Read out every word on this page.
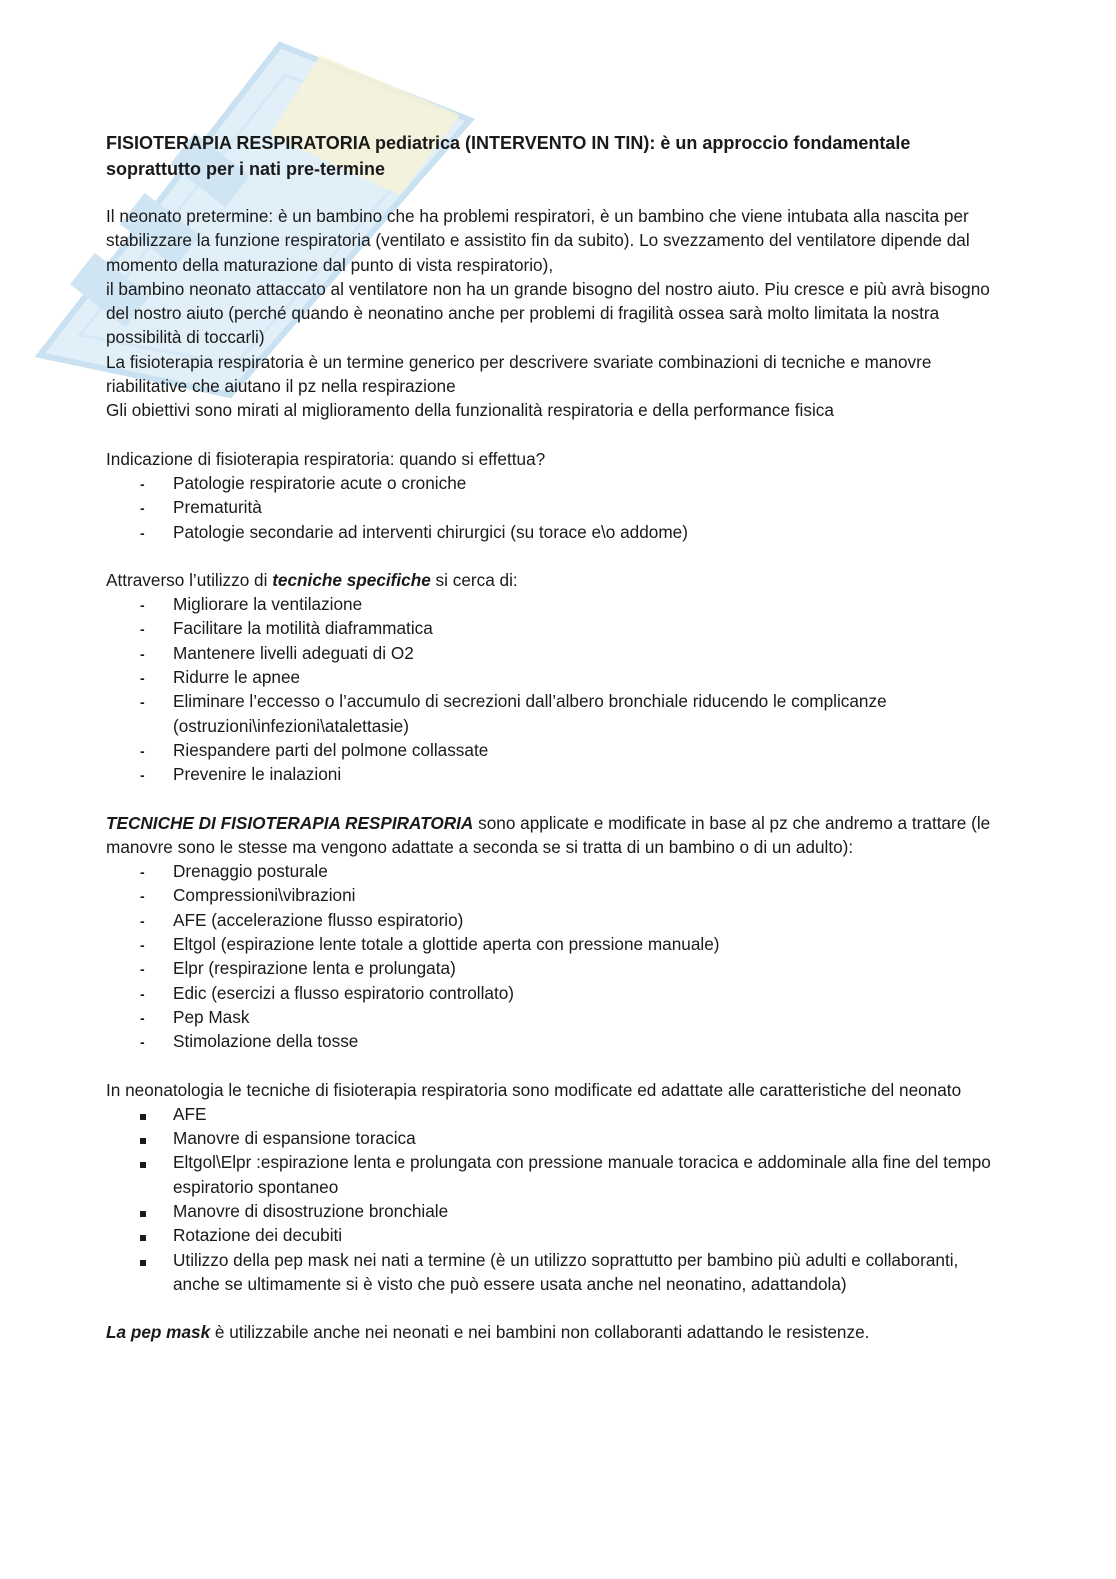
FISIOTERAPIA RESPIRATORIA pediatrica (INTERVENTO IN TIN): è un approccio fondamentale soprattutto per i nati pre-termine

Il neonato pretermine: è un bambino che ha problemi respiratori, è un bambino che viene intubata alla nascita per stabilizzare la funzione respiratoria (ventilato e assistito fin da subito). Lo svezzamento del ventilatore dipende dal momento della maturazione dal punto di vista respiratorio),

il bambino neonato attaccato al ventilatore non ha un grande bisogno del nostro aiuto. Piu cresce e più avrà bisogno del nostro aiuto (perché quando è neonatino anche per problemi di fragilità ossea sarà molto limitata la nostra possibilità di toccarli)

La fisioterapia respiratoria è un termine generico per descrivere svariate combinazioni di tecniche e manovre riabilitative che aiutano il pz nella respirazione

Gli obiettivi sono mirati al miglioramento della funzionalità respiratoria e della performance fisica

Indicazione di fisioterapia respiratoria: quando si effettua?

-
Patologie respiratorie acute o croniche
-
Prematurità
-
Patologie secondarie ad interventi chirurgici (su torace e\o addome)

Attraverso l’utilizzo di tecniche specifiche si cerca di:

-
Migliorare la ventilazione
-
Facilitare la motilità diaframmatica
-
Mantenere livelli adeguati di O2
-
Ridurre le apnee
-
Eliminare l’eccesso o l’accumulo di secrezioni dall’albero bronchiale riducendo le complicanze (ostruzioni\infezioni\atalettasie)
-
Riespandere parti del polmone collassate
-
Prevenire le inalazioni

TECNICHE DI FISIOTERAPIA RESPIRATORIA sono applicate e modificate in base al pz che andremo a trattare (le manovre sono le stesse ma vengono adattate a seconda se si tratta di un bambino o di un adulto):

-
Drenaggio posturale
-
Compressioni\vibrazioni
-
AFE (accelerazione flusso espiratorio)
-
Eltgol (espirazione lente totale a glottide aperta con pressione manuale)
-
Elpr (respirazione lenta e prolungata)
-
Edic (esercizi a flusso espiratorio controllato)
-
Pep Mask
-
Stimolazione della tosse

In neonatologia le tecniche di fisioterapia respiratoria sono modificate ed adattate alle caratteristiche del neonato

AFE
Manovre di espansione toracica
Eltgol\Elpr :espirazione lenta e prolungata con pressione manuale toracica e addominale alla fine del tempo espiratorio spontaneo
Manovre di disostruzione bronchiale
Rotazione dei decubiti
Utilizzo della pep mask nei nati a termine (è un utilizzo soprattutto per bambino più adulti e collaboranti, anche se ultimamente si è visto che può essere usata anche nel neonatino, adattandola)

La pep mask è utilizzabile anche nei neonati e nei bambini non collaboranti adattando le resistenze.
